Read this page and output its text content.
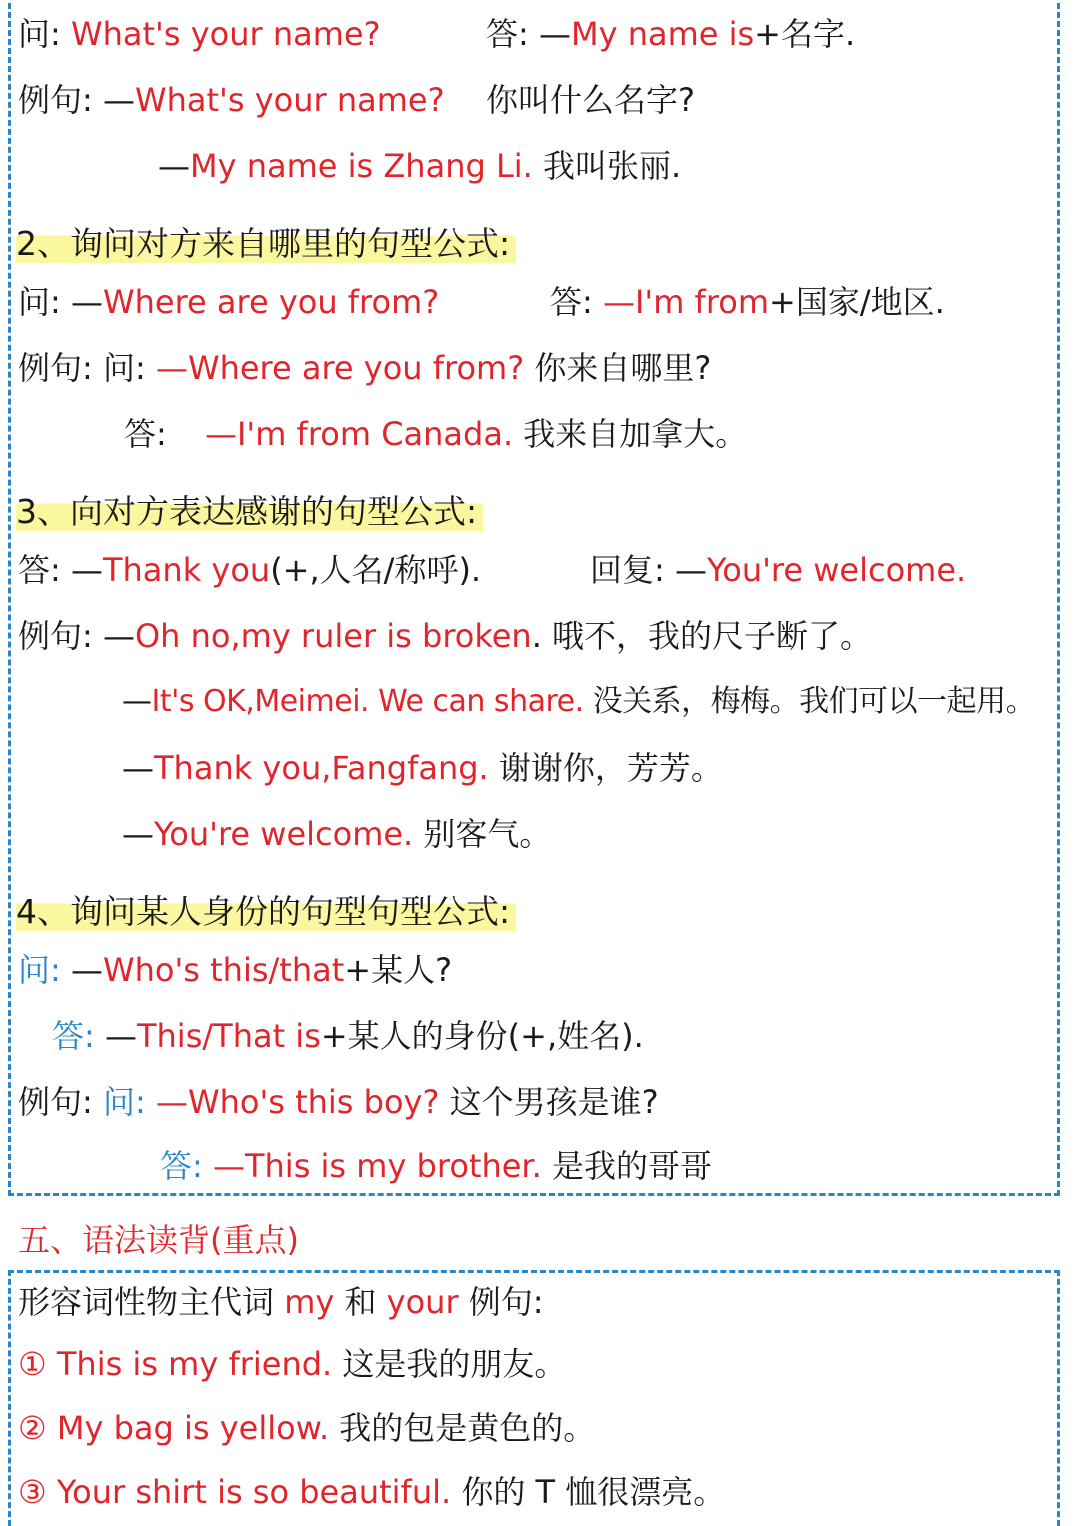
问: What's your name?	答: —My name is+名字.
例句: —What's your name? 你叫什么名字?
—My name is Zhang Li. 我叫张丽.
2、询问对方来自哪里的句型公式:
问: —Where are you from?	答: —I'm from+国家/地区.
例句: 问: —Where are you from? 你来自哪里?
答: —I'm from Canada. 我来自加拿大。
3、向对方表达感谢的句型公式:
答: —Thank you(+,人名/称呼).	回复: —You're welcome.
例句: —Oh no,my ruler is broken. 哦不，我的尺子断了。
—It's OK,Meimei. We can share. 没关系，梅梅。我们可以一起用。
—Thank you,Fangfang. 谢谢你，芳芳。
—You're welcome. 别客气。
4、询问某人身份的句型句型公式:
问: —Who's this/that+某人?
答: —This/That is+某人的身份(+,姓名).
例句: 问: —Who's this boy? 这个男孩是谁?
答: —This is my brother. 是我的哥哥
五、语法读背(重点)
形容词性物主代词 my 和 your 例句:
① This is my friend. 这是我的朋友。
② My bag is yellow. 我的包是黄色的。
③ Your shirt is so beautiful. 你的 T 恤很漂亮。
